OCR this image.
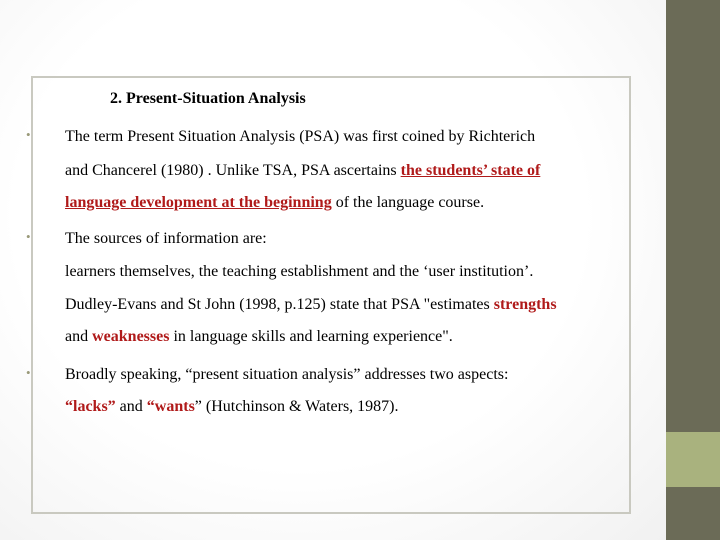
2. Present-Situation Analysis
• The term Present Situation Analysis (PSA) was first coined by Richterich
and Chancerel (1980) . Unlike TSA, PSA ascertains the students’ state of
language development at the beginning of the language course.
• The sources of information are:
learners themselves, the teaching establishment and the ‘user institution’.
Dudley-Evans and St John (1998, p.125) state that PSA "estimates strengths
and weaknesses in language skills and learning experience".
• Broadly speaking, “present situation analysis” addresses two aspects:
“lacks” and “wants” (Hutchinson & Waters, 1987).
